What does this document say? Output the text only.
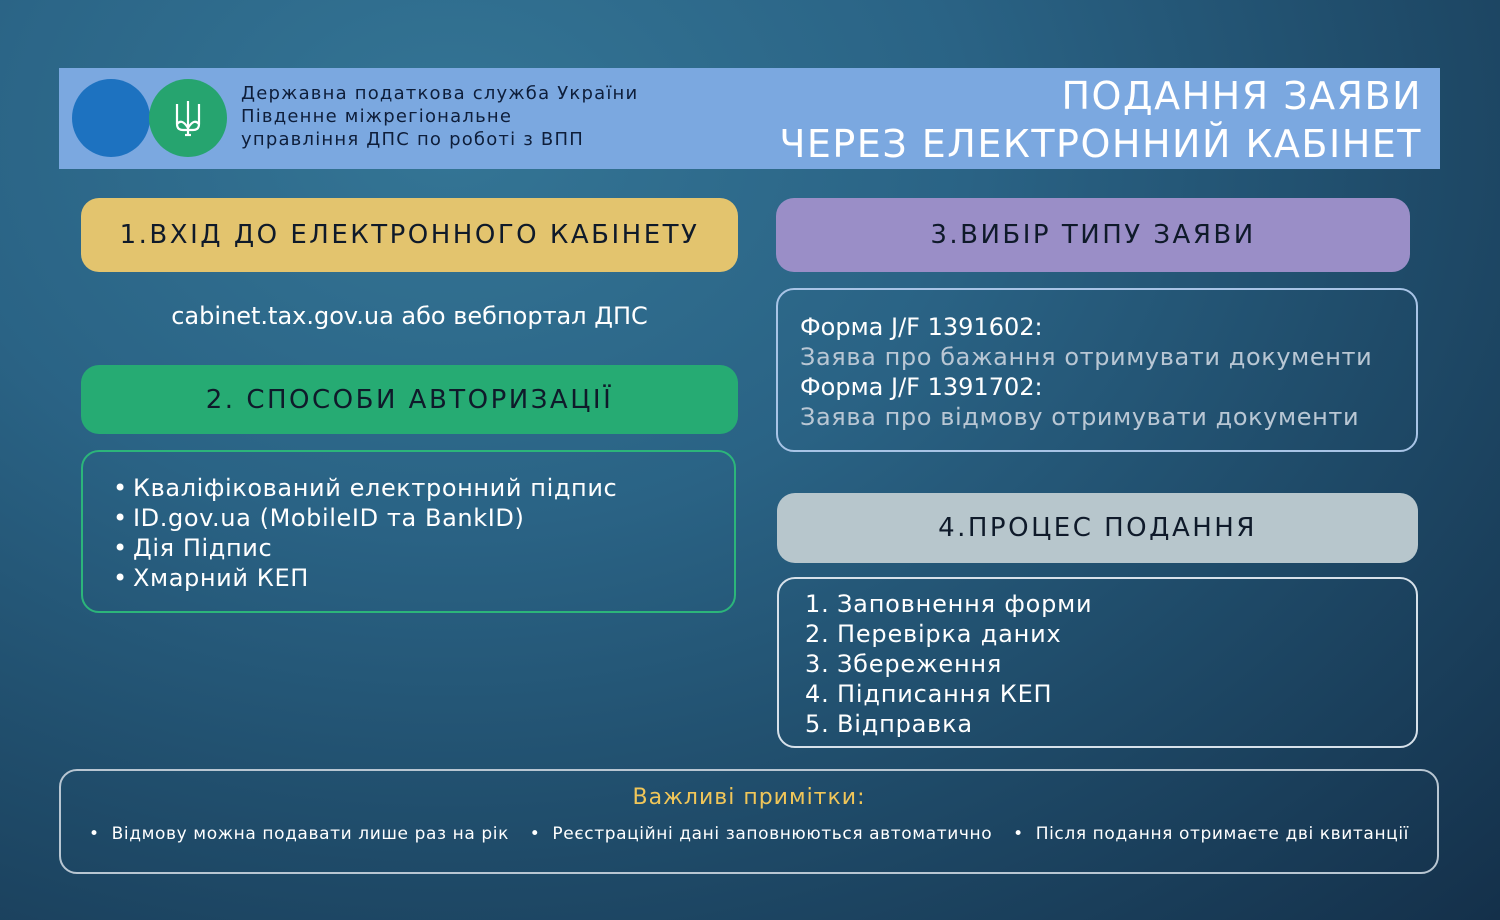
Державна податкова служба України
Південне міжрегіональне
управління ДПС по роботі з ВПП
ПОДАННЯ ЗАЯВИ
ЧЕРЕЗ ЕЛЕКТРОННИЙ КАБІНЕТ
1.ВХІД ДО ЕЛЕКТРОННОГО КАБІНЕТУ
cabinet.tax.gov.ua або вебпортал ДПС
2. СПОСОБИ АВТОРИЗАЦІЇ
• Кваліфікований електронний підпис
• ID.gov.ua (MobileID та BankID)
• Дія Підпис
• Хмарний КЕП
3.ВИБІР ТИПУ ЗАЯВИ
Форма J/F 1391602:
Заява про бажання отримувати документи
Форма J/F 1391702:
Заява про відмову отримувати документи
4.ПРОЦЕС ПОДАННЯ
1. Заповнення форми
2. Перевірка даних
3. Збереження
4. Підписання КЕП
5. Відправка
Важливі примітки:
• Відмову можна подавати лише раз на рік • Реєстраційні дані заповнюються автоматично • Після подання отримаєте дві квитанції
